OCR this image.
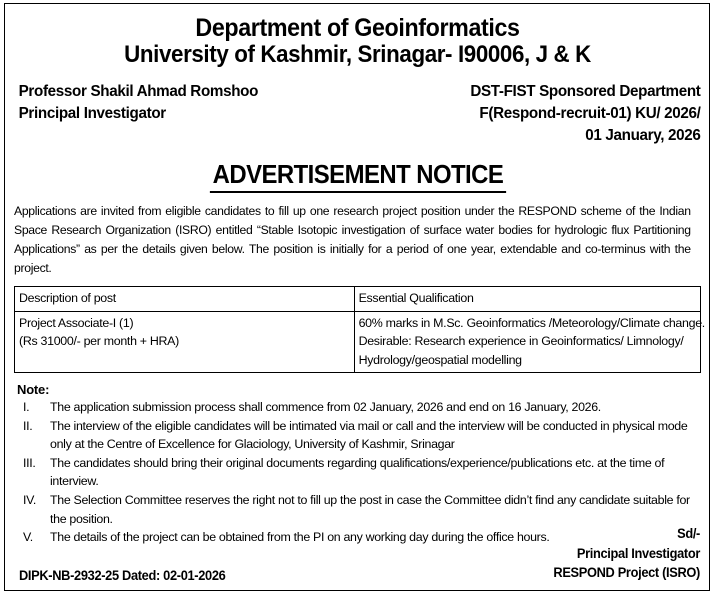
Department of Geoinformatics
University of Kashmir, Srinagar- I90006, J & K
Professor Shakil Ahmad Romshoo
Principal Investigator
DST-FIST Sponsored Department
F(Respond-recruit-01) KU/ 2026/
01 January, 2026
ADVERTISEMENT NOTICE
Applications are invited from eligible candidates to fill up one research project position under the RESPOND scheme of the Indian Space Research Organization (ISRO) entitled “Stable Isotopic investigation of surface water bodies for hydrologic flux Partitioning Applications” as per the details given below. The position is initially for a period of one year, extendable and co-terminus with the project.
Description of post	Essential Qualification

Project Associate-I (1)
(Rs 31000/- per month + HRA)	60% marks in M.Sc. Geoinformatics /Meteorology/Climate change.
Desirable: Research experience in Geoinformatics/ Limnology/
Hydrology/geospatial modelling
Note:
I.	The application submission process shall commence from 02 January, 2026 and end on 16 January, 2026.
II.	The interview of the eligible candidates will be intimated via mail or call and the interview will be conducted in physical mode only at the Centre of Excellence for Glaciology, University of Kashmir, Srinagar
III.	The candidates should bring their original documents regarding qualifications/experience/publications etc. at the time of interview.
IV.	The Selection Committee reserves the right not to fill up the post in case the Committee didn’t find any candidate suitable for the position.
V.	The details of the project can be obtained from the PI on any working day during the office hours.	Sd/-
Principal Investigator
RESPOND Project (ISRO)
DIPK-NB-2932-25 Dated: 02-01-2026
